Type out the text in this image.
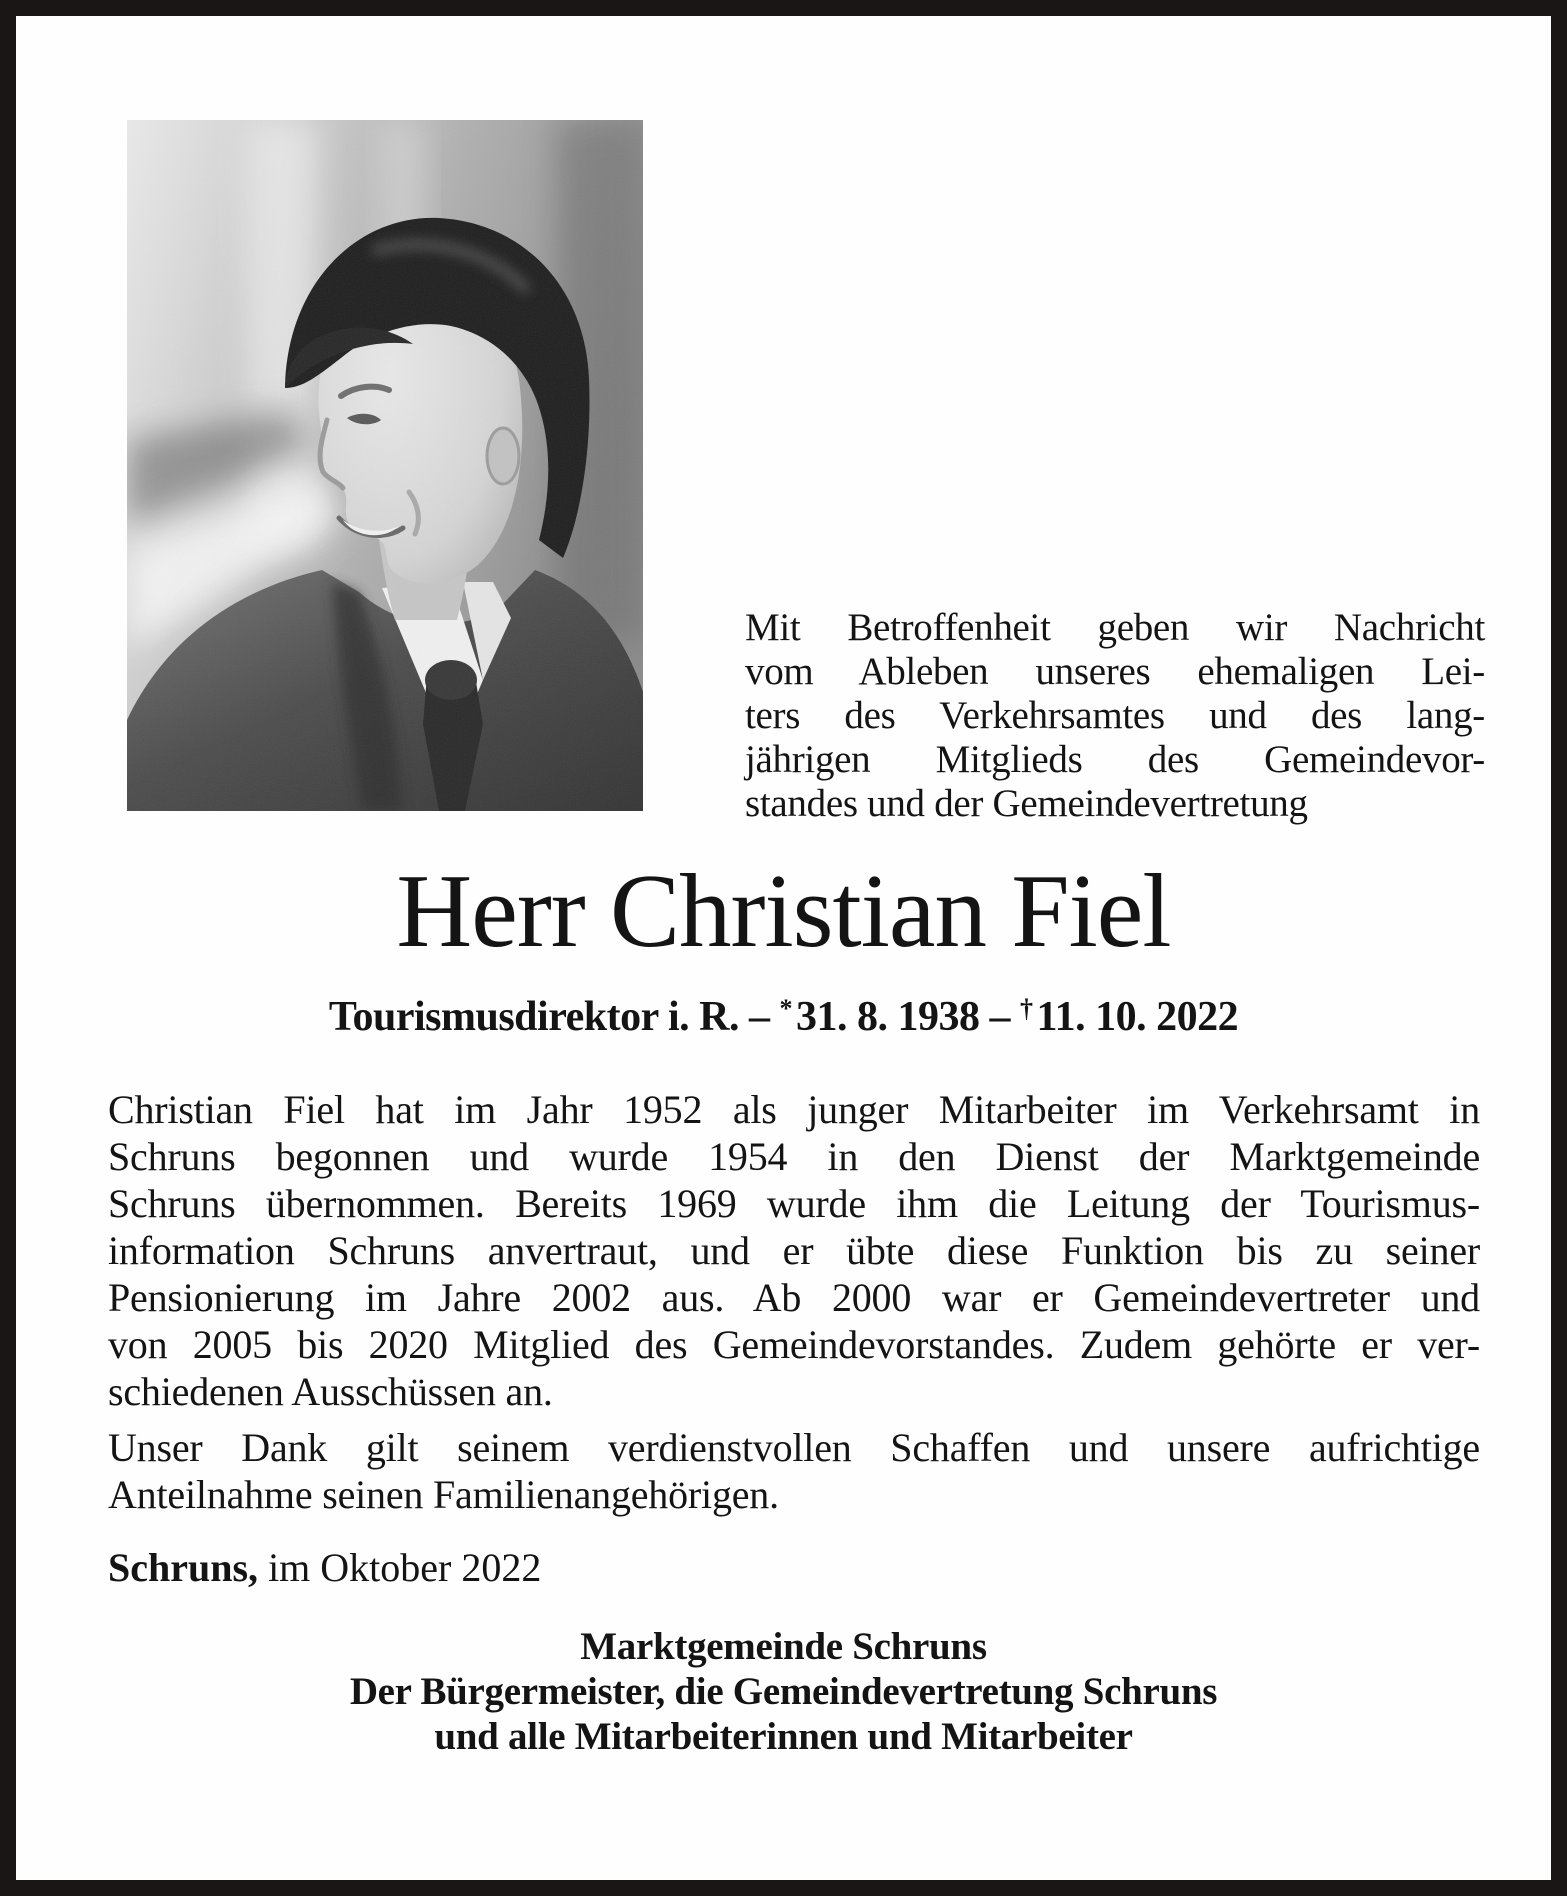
Mit Betroffenheit geben wir Nachricht
vom Ableben unseres ehemaligen Lei-
ters des Verkehrsamtes und des lang-
jährigen Mitglieds des Gemeindevor-
standes und der Gemeindevertretung
Herr Christian Fiel
Tourismusdirektor i. R. – *31. 8. 1938 – †11. 10. 2022
Christian Fiel hat im Jahr 1952 als junger Mitarbeiter im Verkehrsamt in
Schruns begonnen und wurde 1954 in den Dienst der Marktgemeinde
Schruns übernommen. Bereits 1969 wurde ihm die Leitung der Tourismus-
information Schruns anvertraut, und er übte diese Funktion bis zu seiner
Pensionierung im Jahre 2002 aus. Ab 2000 war er Gemeindevertreter und
von 2005 bis 2020 Mitglied des Gemeindevorstandes. Zudem gehörte er ver-
schiedenen Ausschüssen an.
Unser Dank gilt seinem verdienstvollen Schaffen und unsere aufrichtige
Anteilnahme seinen Familienangehörigen.
Schruns, im Oktober 2022
Marktgemeinde Schruns
Der Bürgermeister, die Gemeindevertretung Schruns
und alle Mitarbeiterinnen und Mitarbeiter
